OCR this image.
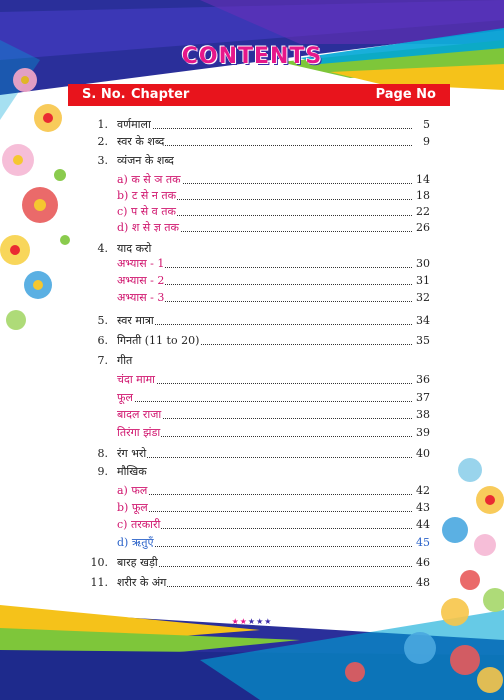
CONTENTS
S. No. Chapter	Page No
1. वर्णमाला	5
2. स्वर के शब्द	9
3. व्यंजन के शब्द
a) क से ञ तक	14
b) ट से न तक	18
c) प से व तक	22
d) श से ज्ञ तक	26
4. याद करो
अभ्यास - 1	30
अभ्यास - 2	31
अभ्यास - 3	32
5. स्वर मात्रा	34
6. गिनती (11 to 20)	35
7. गीत
चंदा मामा	36
फूल	37
बादल राजा	38
तिरंगा झंडा	39
8. रंग भरो	40
9. मौखिक
a) फल	42
b) फूल	43
c) तरकारी	44
d) ऋतुएँ	45
10. बारह खड़ी	46
11. शरीर के अंग	48
★★★★★
